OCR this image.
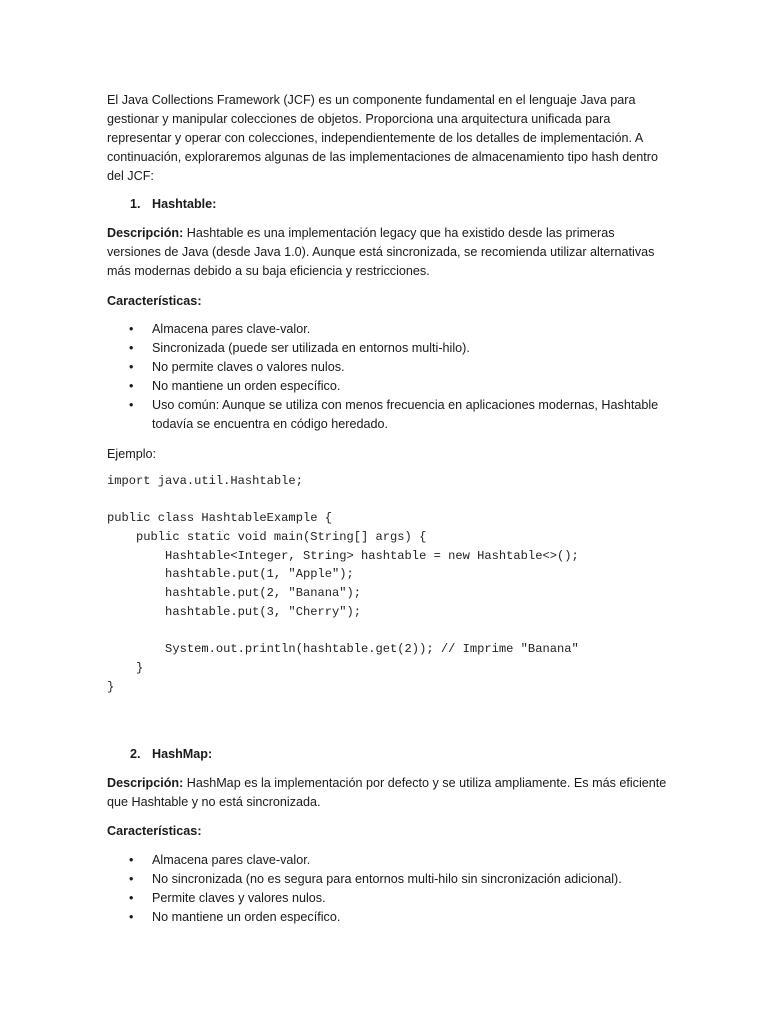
El Java Collections Framework (JCF) es un componente fundamental en el lenguaje Java para gestionar y manipular colecciones de objetos. Proporciona una arquitectura unificada para representar y operar con colecciones, independientemente de los detalles de implementación. A continuación, exploraremos algunas de las implementaciones de almacenamiento tipo hash dentro del JCF:

1. Hashtable:

Descripción: Hashtable es una implementación legacy que ha existido desde las primeras versiones de Java (desde Java 1.0). Aunque está sincronizada, se recomienda utilizar alternativas más modernas debido a su baja eficiencia y restricciones.

Características:

• Almacena pares clave-valor.
• Sincronizada (puede ser utilizada en entornos multi-hilo).
• No permite claves o valores nulos.
• No mantiene un orden específico.
• Uso común: Aunque se utiliza con menos frecuencia en aplicaciones modernas, Hashtable todavía se encuentra en código heredado.

Ejemplo:

import java.util.Hashtable;
public class HashtableExample {
public static void main(String[] args) {
Hashtable<Integer, String> hashtable = new Hashtable<>();
hashtable.put(1, "Apple");
hashtable.put(2, "Banana");
hashtable.put(3, "Cherry");
System.out.println(hashtable.get(2)); // Imprime "Banana"
}
}
2. HashMap:

Descripción: HashMap es la implementación por defecto y se utiliza ampliamente. Es más eficiente que Hashtable y no está sincronizada.

Características:

• Almacena pares clave-valor.
• No sincronizada (no es segura para entornos multi-hilo sin sincronización adicional).
• Permite claves y valores nulos.
• No mantiene un orden específico.
